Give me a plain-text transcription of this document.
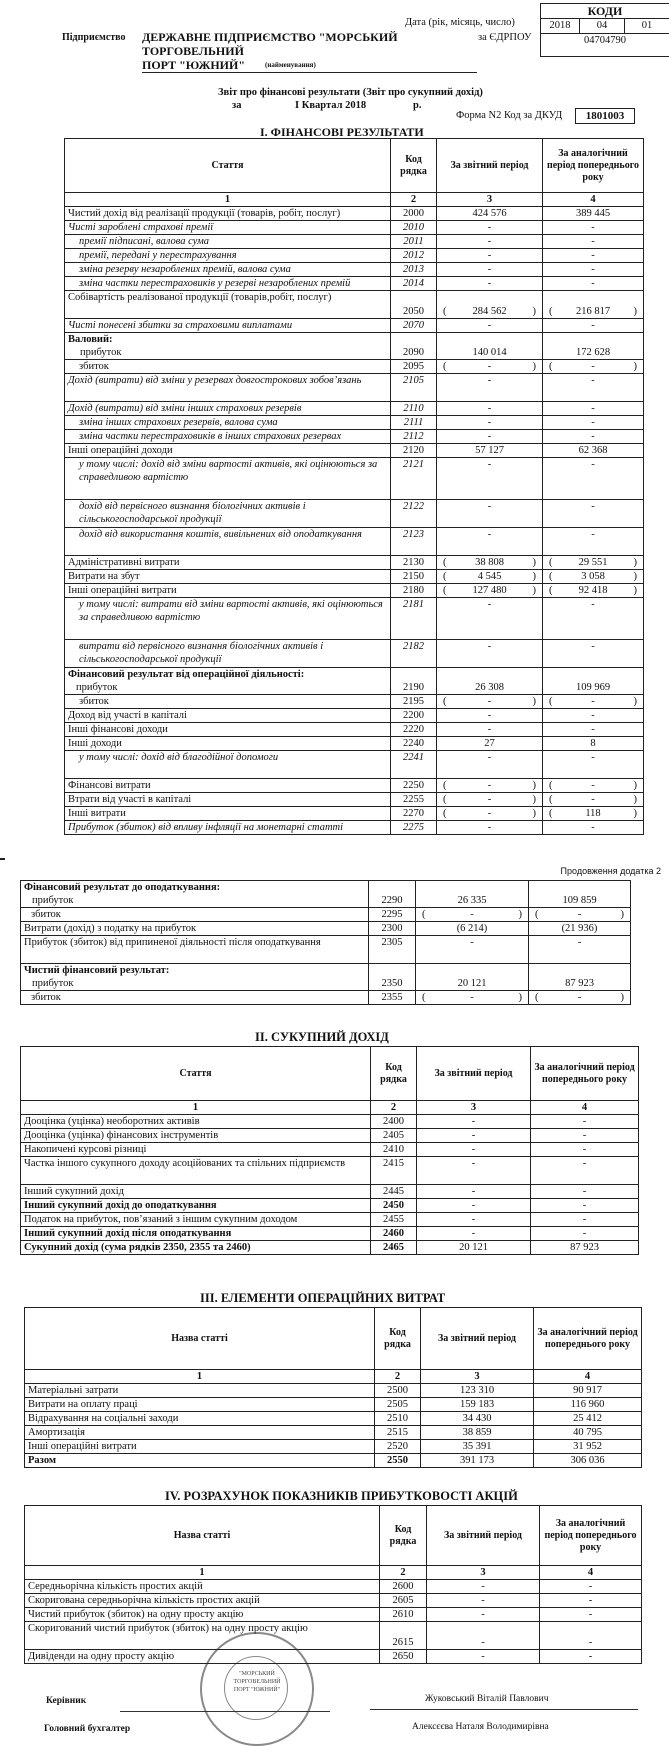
КОДИ
2018	04	01
04704790
Дата (рік, місяць, число)
Підприємство ДЕРЖАВНЕ ПІДПРИЄМСТВО "МОРСЬКИЙ ТОРГОВЕЛЬНИЙ
ПОРТ "ЮЖНИЙ"
за ЄДРПОУ
(найменування)
Звіт про фінансові результати (Звіт про сукупний дохід)
за	I Квартал 2018	р.
Форма N2 Код за ДКУД	1801003
I. ФІНАНСОВІ РЕЗУЛЬТАТИ
Стаття	Код рядка	За звітний період	За аналогічний період попереднього року
1	2	3	4
Чистий дохід від реалізації продукції (товарів, робіт, послуг)	2000	424 576	389 445
Чисті зароблені страхові премії	2010	-	-
премії підписані, валова сума	2011	-	-
премії, передані у перестрахування	2012	-	-
зміна резерву незароблених премій, валова сума	2013	-	-
зміна частки перестраховиків у резерві незароблених премій	2014	-	-
Собівартість реалізованої продукції (товарів,робіт, послуг)	2050	( 284 562 )	( 216 817 )
Чисті понесені збитки за страховими виплатами	2070	-	-

Валовий:
прибуток	2090	140 014	172 628
збиток	2095	( - )	( - )
Дохід (витрати) від зміни у резервах довгострокових зобов’язань	2105	-	-
Дохід (витрати) від зміни інших страхових резервів	2110	-	-
зміна інших страхових резервів, валова сума	2111	-	-
зміна частки перестраховиків в інших страхових резервах	2112	-	-
Інші операційні доходи	2120	57 127	62 368
у тому числі: дохід від зміни вартості активів, які оцінюються за справедливою вартістю	2121	-	-
дохід від первісного визнання біологічних активів і сільськогосподарської продукції	2122	-	-
дохід від використання коштів, вивільнених від оподаткування	2123	-	-
Адміністративні витрати	2130	( 38 808 )	( 29 551 )
Витрати на збут	2150	( 4 545 )	( 3 058 )
Інші операційні витрати	2180	( 127 480 )	( 92 418 )
у тому числі: витрати від зміни вартості активів, які оцінюються за справедливою вартістю	2181	-	-
витрати від первісного визнання біологічних активів і сільськогосподарської продукції	2182	-	-

Фінансовий результат від операційної діяльності:
прибуток	2190	26 308	109 969
збиток	2195	( - )	( - )
Доход від участі в капіталі	2200	-	-
Інші фінансові доходи	2220	-	-
Інші доходи	2240	27	8
у тому числі: дохід від благодійної допомоги	2241	-	-
Фінансові витрати	2250	( - )	( - )
Втрати від участі в капіталі	2255	( - )	( - )
Інші витрати	2270	( - )	( 118 )
Прибуток (збиток) від впливу інфляції на монетарні статті	2275	-	-
Продовження додатка 2
Фінансовий результат до оподаткування:
прибуток	2290	26 335	109 859
збиток	2295	( - )	( - )
Витрати (дохід) з податку на прибуток	2300	(6 214)	(21 936)
Прибуток (збиток) від припиненої діяльності після оподаткування	2305	-	-

Чистий фінансовий результат:
прибуток	2350	20 121	87 923
збиток	2355	( - )	( - )
II. СУКУПНИЙ ДОХІД
Стаття	Код рядка	За звітний період	За аналогічний період попереднього року
1	2	3	4
Дооцінка (уцінка) необоротних активів	2400	-	-
Дооцінка (уцінка) фінансових інструментів	2405	-	-
Накопичені курсові різниці	2410	-	-
Частка іншого сукупного доходу асоційованих та спільних підприємств	2415	-	-
Інший сукупний дохід	2445	-	-
Інший сукупний дохід до оподаткування	2450	-	-
Податок на прибуток, пов’язаний з іншим сукупним доходом	2455	-	-
Інший сукупний дохід після оподаткування	2460	-	-
Сукупний дохід (сума рядків 2350, 2355 та 2460)	2465	20 121	87 923
III. ЕЛЕМЕНТИ ОПЕРАЦІЙНИХ ВИТРАТ
Назва статті	Код рядка	За звітний період	За аналогічний період попереднього року
1	2	3	4
Матеріальні затрати	2500	123 310	90 917
Витрати на оплату праці	2505	159 183	116 960
Відрахування на соціальні заходи	2510	34 430	25 412
Амортизація	2515	38 859	40 795
Інші операційні витрати	2520	35 391	31 952
Разом	2550	391 173	306 036
IV. РОЗРАХУНОК ПОКАЗНИКІВ ПРИБУТКОВОСТІ АКЦІЙ
Назва статті	Код рядка	За звітний період	За аналогічний період попереднього року
1	2	3	4
Середньорічна кількість простих акцій	2600	-	-
Скоригована середньорічна кількість простих акцій	2605	-	-
Чистий прибуток (збиток) на одну просту акцію	2610	-	-
Скоригований чистий прибуток (збиток) на одну просту акцію	2615	-	-
Дивіденди на одну просту акцію	2650	-	-
"МОРСЬКИЙ ТОРГОВЕЛЬНИЙ ПОРТ "ЮЖНИЙ"
Керівник	Жуковський Віталій Павлович
Головний бухгалтер	Алексєєва Наталя Володимирівна
